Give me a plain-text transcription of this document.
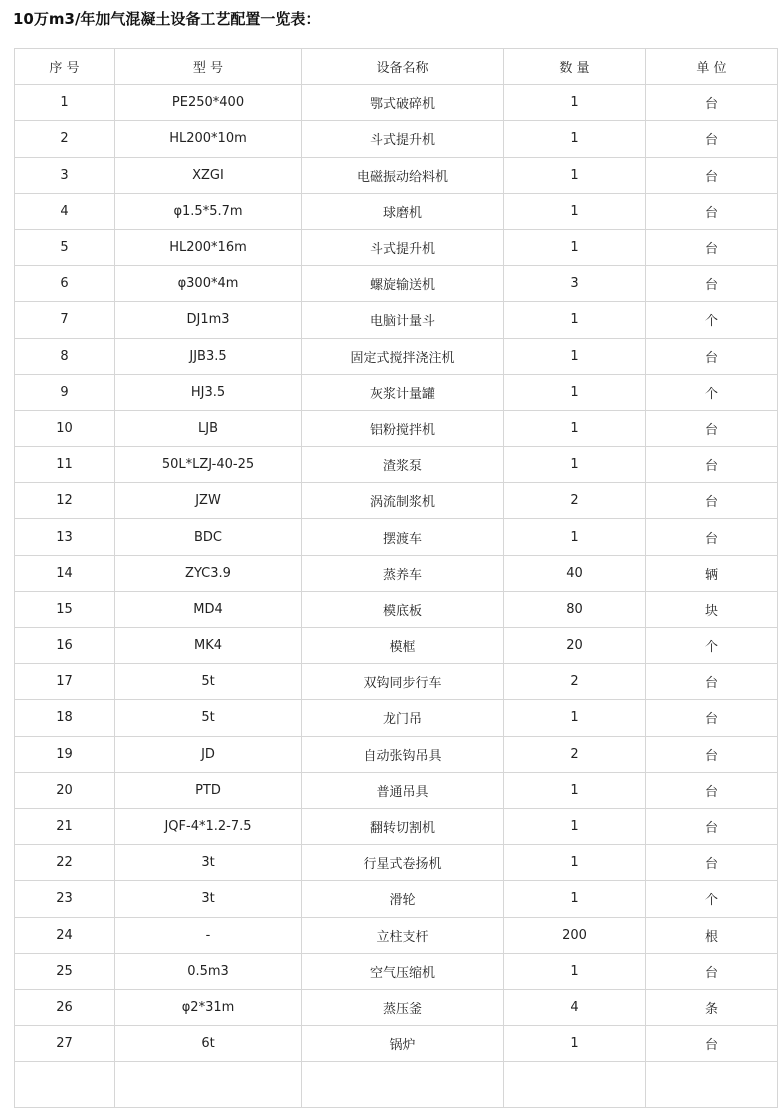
10万m3/年加气混凝土设备工艺配置一览表：
序 号	型 号	设备名称	数 量	单 位
1	PE250*400	鄂式破碎机	1	台
2	HL200*10m	斗式提升机	1	台
3	XZGI	电磁振动给料机	1	台
4	φ1.5*5.7m	球磨机	1	台
5	HL200*16m	斗式提升机	1	台
6	φ300*4m	螺旋输送机	3	台
7	DJ1m3	电脑计量斗	1	个
8	JJB3.5	固定式搅拌浇注机	1	台
9	HJ3.5	灰浆计量罐	1	个
10	LJB	铝粉搅拌机	1	台
11	50L*LZJ-40-25	渣浆泵	1	台
12	JZW	涡流制浆机	2	台
13	BDC	摆渡车	1	台
14	ZYC3.9	蒸养车	40	辆
15	MD4	模底板	80	块
16	MK4	模框	20	个
17	5t	双钩同步行车	2	台
18	5t	龙门吊	1	台
19	JD	自动张钩吊具	2	台
20	PTD	普通吊具	1	台
21	JQF-4*1.2-7.5	翻转切割机	1	台
22	3t	行星式卷扬机	1	台
23	3t	滑轮	1	个
24	-	立柱支杆	200	根
25	0.5m3	空气压缩机	1	台
26	φ2*31m	蒸压釜	4	条
27	6t	锅炉	1	台
